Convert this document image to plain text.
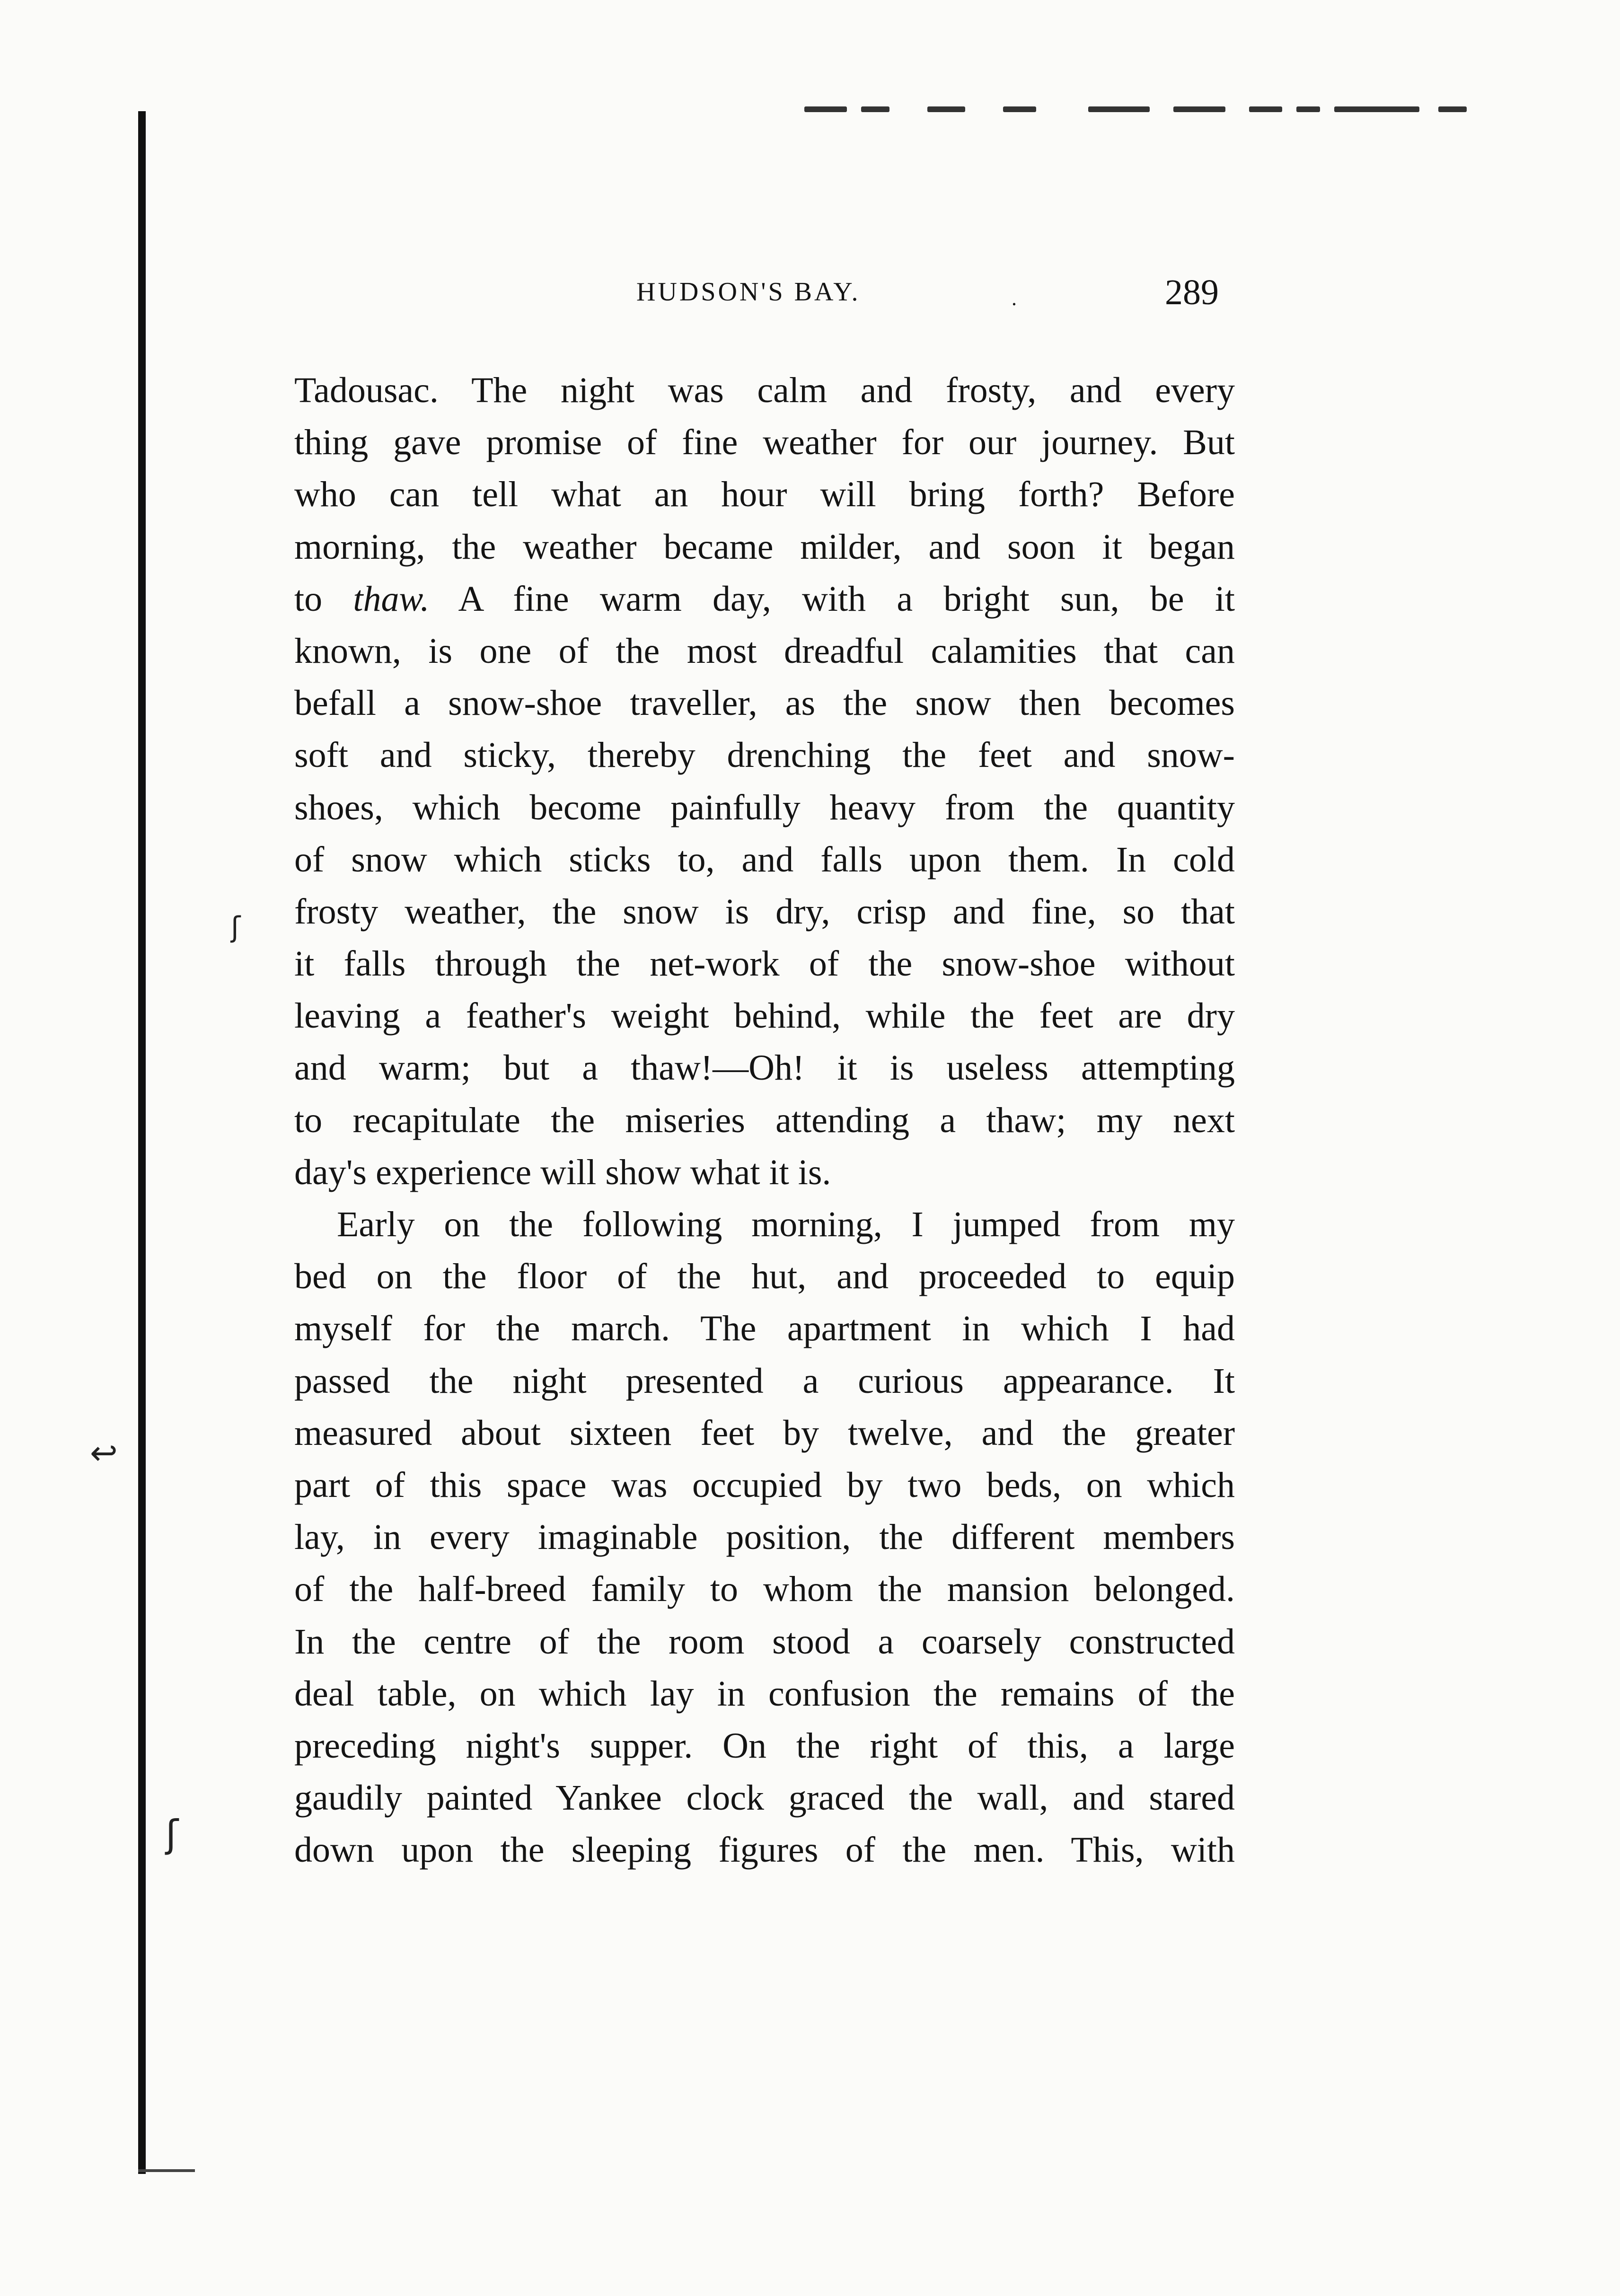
ʃ
↩
ʃ
HUDSON'S BAY.	.	289
Tadousac. The night was calm and frosty, and every
thing gave promise of fine weather for our journey. But
who can tell what an hour will bring forth? Before
morning, the weather became milder, and soon it began
to thaw. A fine warm day, with a bright sun, be it
known, is one of the most dreadful calamities that can
befall a snow-shoe traveller, as the snow then becomes
soft and sticky, thereby drenching the feet and snow-
shoes, which become painfully heavy from the quantity
of snow which sticks to, and falls upon them. In cold
frosty weather, the snow is dry, crisp and fine, so that
it falls through the net-work of the snow-shoe without
leaving a feather's weight behind, while the feet are dry
and warm; but a thaw!—Oh! it is useless attempting
to recapitulate the miseries attending a thaw; my next
day's experience will show what it is.
Early on the following morning, I jumped from my
bed on the floor of the hut, and proceeded to equip
myself for the march. The apartment in which I had
passed the night presented a curious appearance. It
measured about sixteen feet by twelve, and the greater
part of this space was occupied by two beds, on which
lay, in every imaginable position, the different members
of the half-breed family to whom the mansion belonged.
In the centre of the room stood a coarsely constructed
deal table, on which lay in confusion the remains of the
preceding night's supper. On the right of this, a large
gaudily painted Yankee clock graced the wall, and stared
down upon the sleeping figures of the men. This, with
